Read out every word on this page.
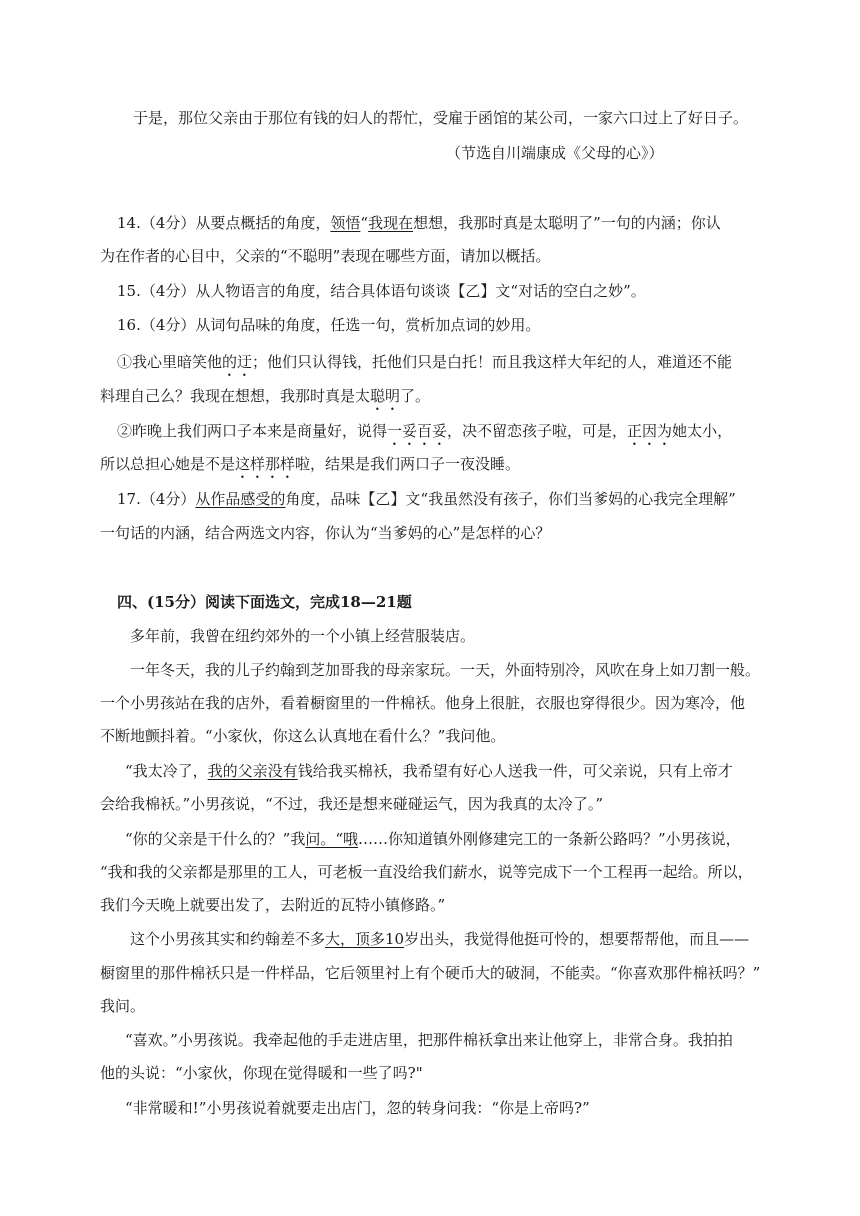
于是，那位父亲由于那位有钱的妇人的帮忙，受雇于函馆的某公司，一家六口过上了好日子。
（节选自川端康成《父母的心》）
14.（4分）从要点概括的角度，领悟“我现在想想，我那时真是太聪明了”一句的内涵；你认
为在作者的心目中，父亲的“不聪明”表现在哪些方面，请加以概括。
15.（4分）从人物语言的角度，结合具体语句谈谈【乙】文“对话的空白之妙”。
16.（4分）从词句品味的角度，任选一句，赏析加点词的妙用。
①我心里暗笑他的迂；他们只认得钱，托他们只是白托！而且我这样大年纪的人，难道还不能
料理自己么？我现在想想，我那时真是太聪明了。
②昨晚上我们两口子本来是商量好，说得一妥百妥，决不留恋孩子啦，可是，正因为她太小，
所以总担心她是不是这样那样啦，结果是我们两口子一夜没睡。
17.（4分）从作品感受的角度，品味【乙】文“我虽然没有孩子，你们当爹妈的心我完全理解”
一句话的内涵，结合两选文内容，你认为“当爹妈的心”是怎样的心？
四、(15分）阅读下面选文，完成18—21题
多年前，我曾在纽约郊外的一个小镇上经营服装店。
一年冬天，我的儿子约翰到芝加哥我的母亲家玩。一天，外面特别冷，风吹在身上如刀割一般。
一个小男孩站在我的店外，看着橱窗里的一件棉袄。他身上很脏，衣服也穿得很少。因为寒冷，他
不断地颤抖着。“小家伙，你这么认真地在看什么？”我问他。
“我太冷了，我的父亲没有钱给我买棉袄，我希望有好心人送我一件，可父亲说，只有上帝才
会给我棉袄。”小男孩说，“不过，我还是想来碰碰运气，因为我真的太冷了。”
“你的父亲是干什么的？”我问。“哦……你知道镇外刚修建完工的一条新公路吗？”小男孩说，
“我和我的父亲都是那里的工人，可老板一直没给我们薪水，说等完成下一个工程再一起给。所以，
我们今天晚上就要出发了，去附近的瓦特小镇修路。”
这个小男孩其实和约翰差不多大，顶多10岁出头，我觉得他挺可怜的，想要帮帮他，而且——
橱窗里的那件棉袄只是一件样品，它后领里衬上有个硬币大的破洞，不能卖。“你喜欢那件棉袄吗？”
我问。
“喜欢。”小男孩说。我牵起他的手走进店里，把那件棉袄拿出来让他穿上，非常合身。我拍拍
他的头说：“小家伙，你现在觉得暖和一些了吗?"
“非常暖和!”小男孩说着就要走出店门，忽的转身问我：“你是上帝吗?”
